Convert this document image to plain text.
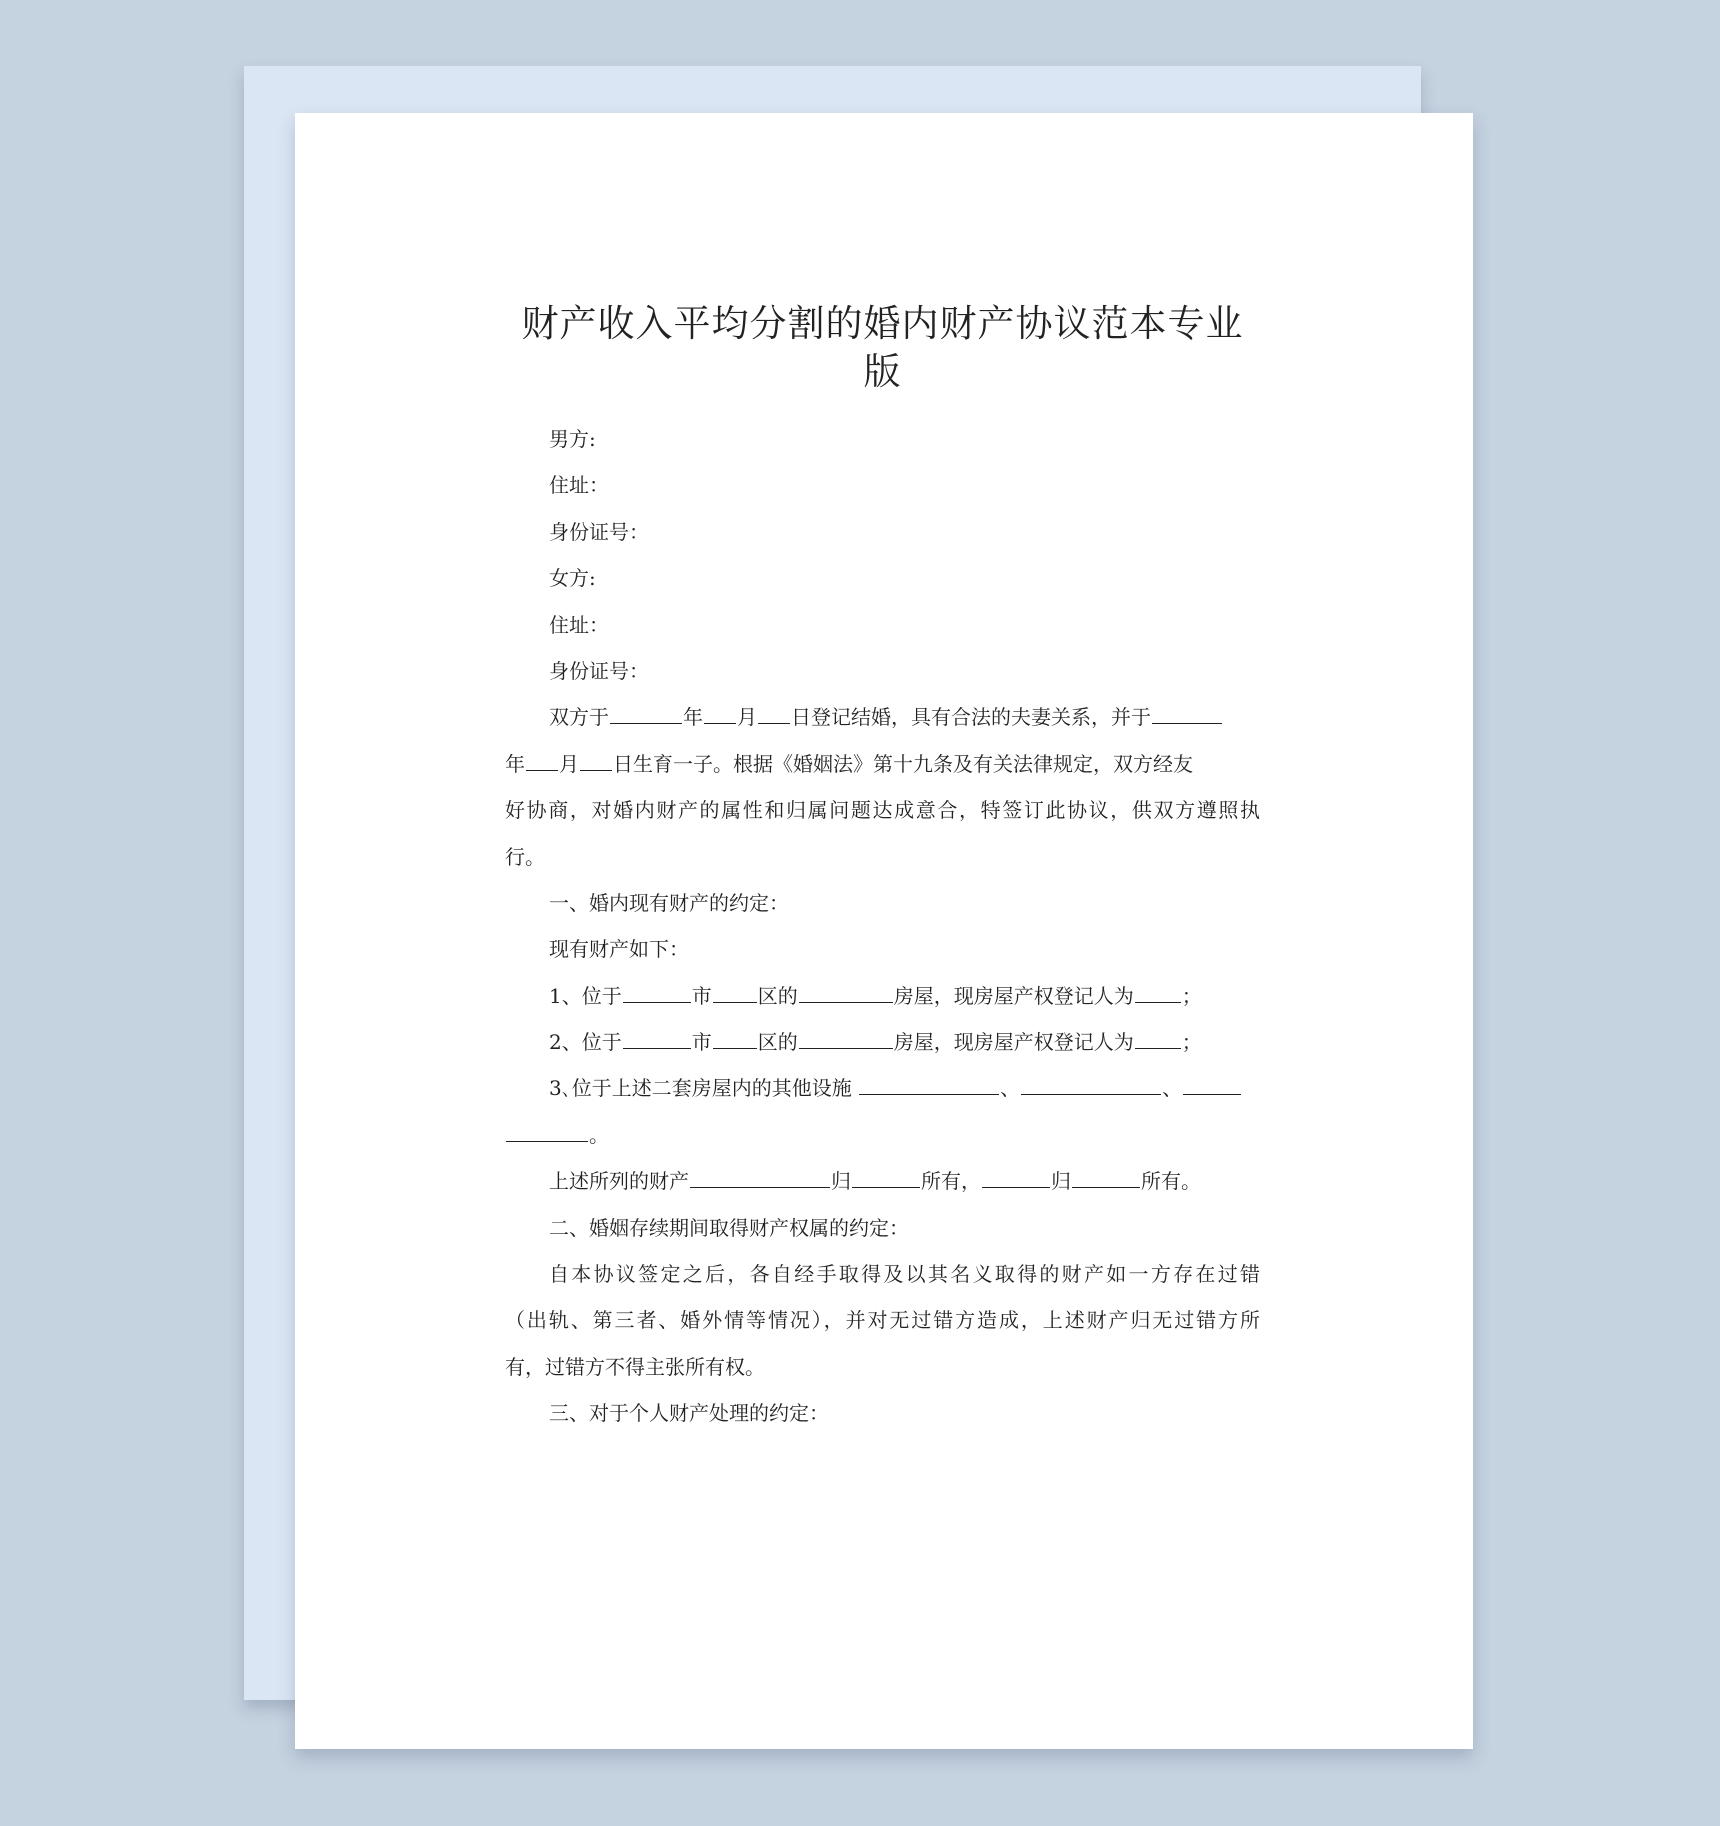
财产收入平均分割的婚内财产协议范本专业
版
男方:
住址：
身份证号：
女方:
住址：
身份证号：
双方于	年 月 日登记结婚，具有合法的夫妻关系，并于
年 月 日生育一子。根据《婚姻法》第十九条及有关法律规定，双方经友
好协商，对婚内财产的属性和归属问题达成意合，特签订此协议，供双方遵照执
行。
一、婚内现有财产的约定：
现有财产如下：
1、位于	市 区的	房屋，现房屋产权登记人为 ；
2、位于	市 区的	房屋，现房屋产权登记人为 ；
3､位于上述二套房屋内的其他设施	、	、
。
上述所列的财产	归	所有，	归	所有。
二、婚姻存续期间取得财产权属的约定：
自本协议签定之后，各自经手取得及以其名义取得的财产如一方存在过错
（出轨、第三者、婚外情等情况），并对无过错方造成，上述财产归无过错方所
有，过错方不得主张所有权。
三、对于个人财产处理的约定：
